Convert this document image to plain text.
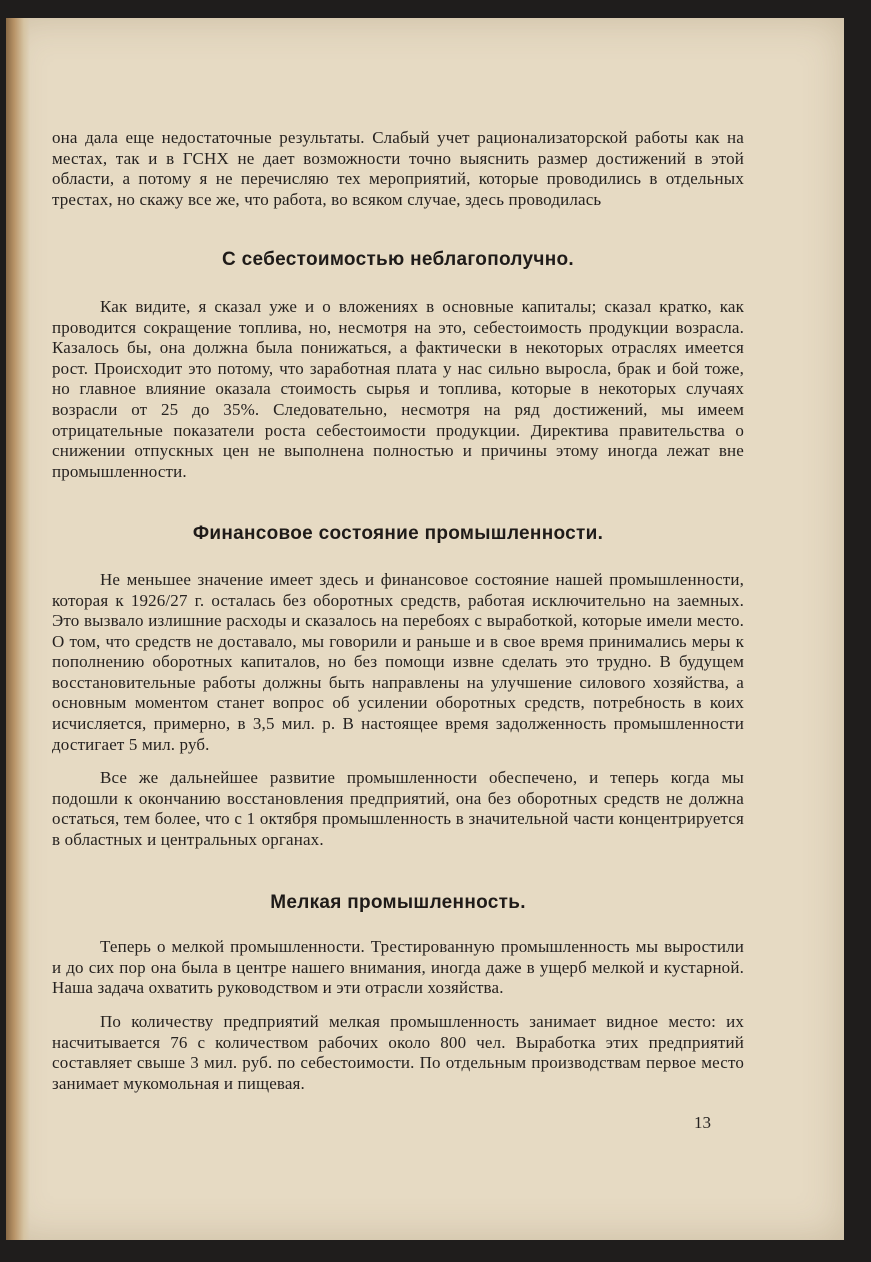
она дала еще недостаточные результаты. Слабый учет рационализаторской работы как на местах, так и в ГСНХ не дает возможности точно выяснить размер достижений в этой области, а потому я не перечисляю тех мероприятий, которые проводились в отдельных трестах, но скажу все же, что работа, во всяком случае, здесь проводилась

С себестоимостью неблагополучно.

Как видите, я сказал уже и о вложениях в основные капиталы; сказал кратко, как проводится сокращение топлива, но, несмотря на это, себестоимость продукции возрасла. Казалось бы, она должна была понижаться, а фактически в некоторых отраслях имеется рост. Происходит это потому, что заработная плата у нас сильно выросла, брак и бой тоже, но главное влияние оказала стоимость сырья и топлива, которые в некоторых случаях возрасли от 25 до 35%. Следовательно, несмотря на ряд достижений, мы имеем отрицательные показатели роста себестоимости продукции. Директива правительства о снижении отпускных цен не выполнена полностью и причины этому иногда лежат вне промышленности.

Финансовое состояние промышленности.

Не меньшее значение имеет здесь и финансовое состояние нашей промышленности, которая к 1926/27 г. осталась без оборотных средств, работая исключительно на заемных. Это вызвало излишние расходы и сказалось на перебоях с выработкой, которые имели место. О том, что средств не доставало, мы говорили и раньше и в свое время принимались меры к пополнению оборотных капиталов, но без помощи извне сделать это трудно. В будущем восстановительные работы должны быть направлены на улучшение силового хозяйства, а основным моментом станет вопрос об усилении оборотных средств, потребность в коих исчисляется, примерно, в 3,5 мил. р. В настоящее время задолженность промышленности достигает 5 мил. руб.

Все же дальнейшее развитие промышленности обеспечено, и теперь когда мы подошли к окончанию восстановления предприятий, она без оборотных средств не должна остаться, тем более, что с 1 октября промышленность в значительной части концентрируется в областных и центральных органах.

Мелкая промышленность.

Теперь о мелкой промышленности. Трестированную промышленность мы выростили и до сих пор она была в центре нашего внимания, иногда даже в ущерб мелкой и кустарной. Наша задача охватить руководством и эти отрасли хозяйства.

По количеству предприятий мелкая промышленность занимает видное место: их насчитывается 76 с количеством рабочих около 800 чел. Выработка этих предприятий составляет свыше 3 мил. руб. по себестоимости. По отдельным производствам первое место занимает мукомольная и пищевая.

13
